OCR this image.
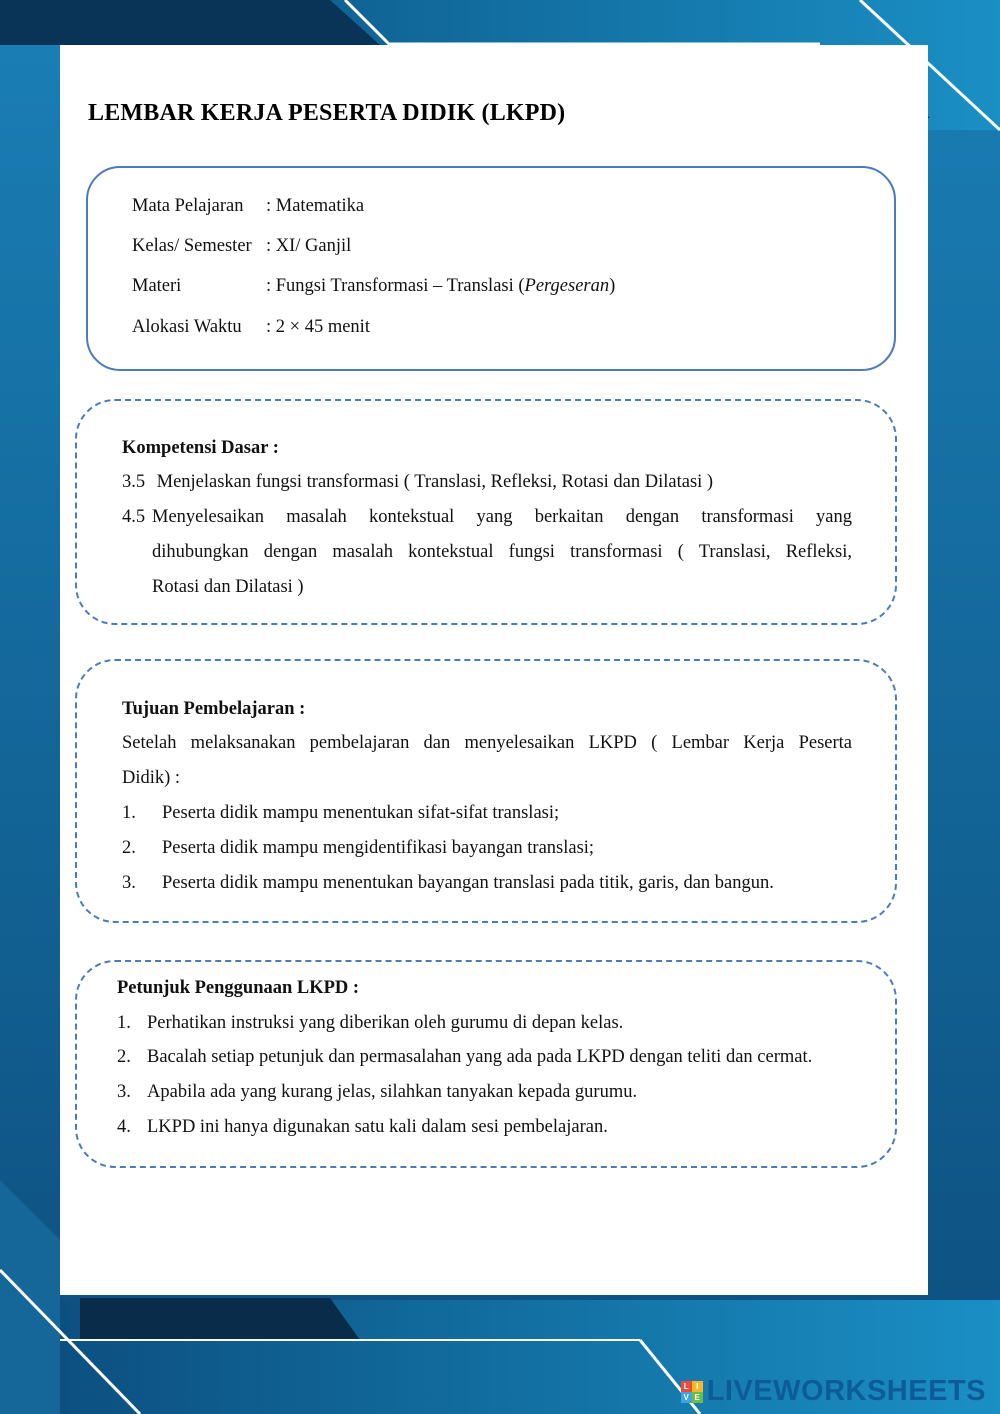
LEMBAR KERJA PESERTA DIDIK (LKPD)
Mata Pelajaran	: Matematika
Kelas/ Semester : XI/ Ganjil
Materi	: Fungsi Transformasi – Translasi (Pergeseran)
Alokasi Waktu	: 2 × 45 menit
Kompetensi Dasar :
3.5 Menjelaskan fungsi transformasi ( Translasi, Refleksi, Rotasi dan Dilatasi )
4.5 Menyelesaikan masalah kontekstual yang berkaitan dengan transformasi yang
dihubungkan dengan masalah kontekstual fungsi transformasi ( Translasi, Refleksi,
Rotasi dan Dilatasi )
Tujuan Pembelajaran :
Setelah melaksanakan pembelajaran dan menyelesaikan LKPD ( Lembar Kerja Peserta
Didik) :
1. Peserta didik mampu menentukan sifat-sifat translasi;
2. Peserta didik mampu mengidentifikasi bayangan translasi;
3. Peserta didik mampu menentukan bayangan translasi pada titik, garis, dan bangun.
Petunjuk Penggunaan LKPD :
1. Perhatikan instruksi yang diberikan oleh gurumu di depan kelas.
2. Bacalah setiap petunjuk dan permasalahan yang ada pada LKPD dengan teliti dan cermat.
3. Apabila ada yang kurang jelas, silahkan tanyakan kepada gurumu.
4. LKPD ini hanya digunakan satu kali dalam sesi pembelajaran.
L I
V E LIVEWORKSHEETS
